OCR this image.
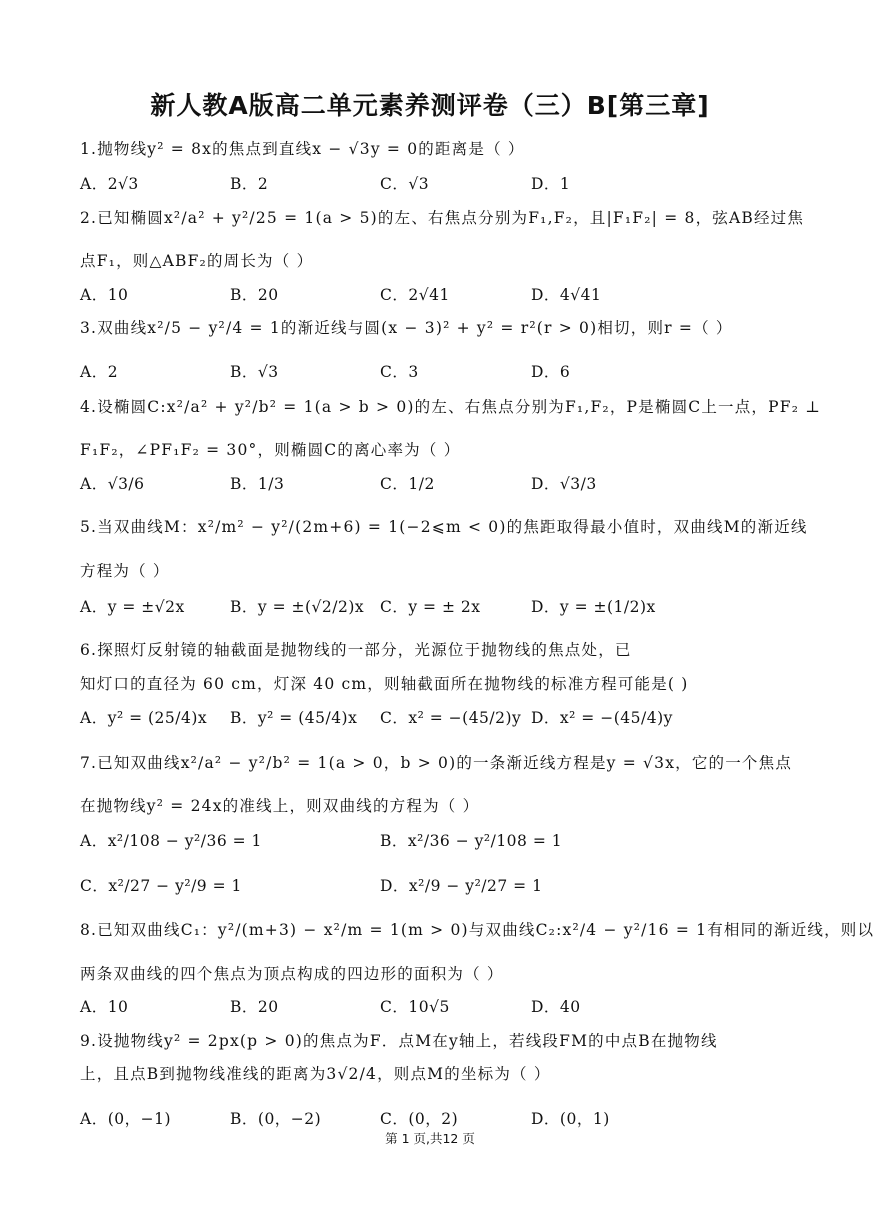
新人教A版高二单元素养测评卷（三）B[第三章]
1.抛物线y² = 8x的焦点到直线x − √3y = 0的距离是（ ）
A．2√3	B．2	C．√3	D．1
2.已知椭圆x²/a² + y²/25 = 1(a > 5)的左、右焦点分别为F₁,F₂，且|F₁F₂| = 8，弦AB经过焦
点F₁，则△ABF₂的周长为（ ）
A．10	B．20	C．2√41	D．4√41
3.双曲线x²/5 − y²/4 = 1的渐近线与圆(x − 3)² + y² = r²(r > 0)相切，则r =（ ）
A．2	B．√3	C．3	D．6
4.设椭圆C:x²/a² + y²/b² = 1(a > b > 0)的左、右焦点分别为F₁,F₂，P是椭圆C上一点，PF₂ ⊥
F₁F₂，∠PF₁F₂ = 30°，则椭圆C的离心率为（ ）
A．√3/6	B．1/3	C．1/2	D．√3/3
5.当双曲线M：x²/m² − y²/(2m+6) = 1(−2⩽m < 0)的焦距取得最小值时，双曲线M的渐近线
方程为（ ）
A．y = ±√2x	B．y = ±(√2/2)x C．y = ± 2x	D．y = ±(1/2)x
6.探照灯反射镜的轴截面是抛物线的一部分，光源位于抛物线的焦点处，已
知灯口的直径为 60 cm，灯深 40 cm，则轴截面所在抛物线的标准方程可能是( )
A．y² = (25/4)x B．y² = (45/4)x C．x² = −(45/2)y D．x² = −(45/4)y
7.已知双曲线x²/a² − y²/b² = 1(a > 0，b > 0)的一条渐近线方程是y = √3x，它的一个焦点
在抛物线y² = 24x的准线上，则双曲线的方程为（ ）
A．x²/108 − y²/36 = 1	B．x²/36 − y²/108 = 1
C．x²/27 − y²/9 = 1	D．x²/9 − y²/27 = 1
8.已知双曲线C₁：y²/(m+3) − x²/m = 1(m > 0)与双曲线C₂:x²/4 − y²/16 = 1有相同的渐近线，则以
两条双曲线的四个焦点为顶点构成的四边形的面积为（ ）
A．10	B．20	C．10√5	D．40
9.设抛物线y² = 2px(p > 0)的焦点为F．点M在y轴上，若线段FM的中点B在抛物线
上，且点B到抛物线准线的距离为3√2/4，则点M的坐标为（ ）
A．(0，−1)	B．(0，−2)	C．(0，2)	D．(0，1)
第 1 页,共12 页
